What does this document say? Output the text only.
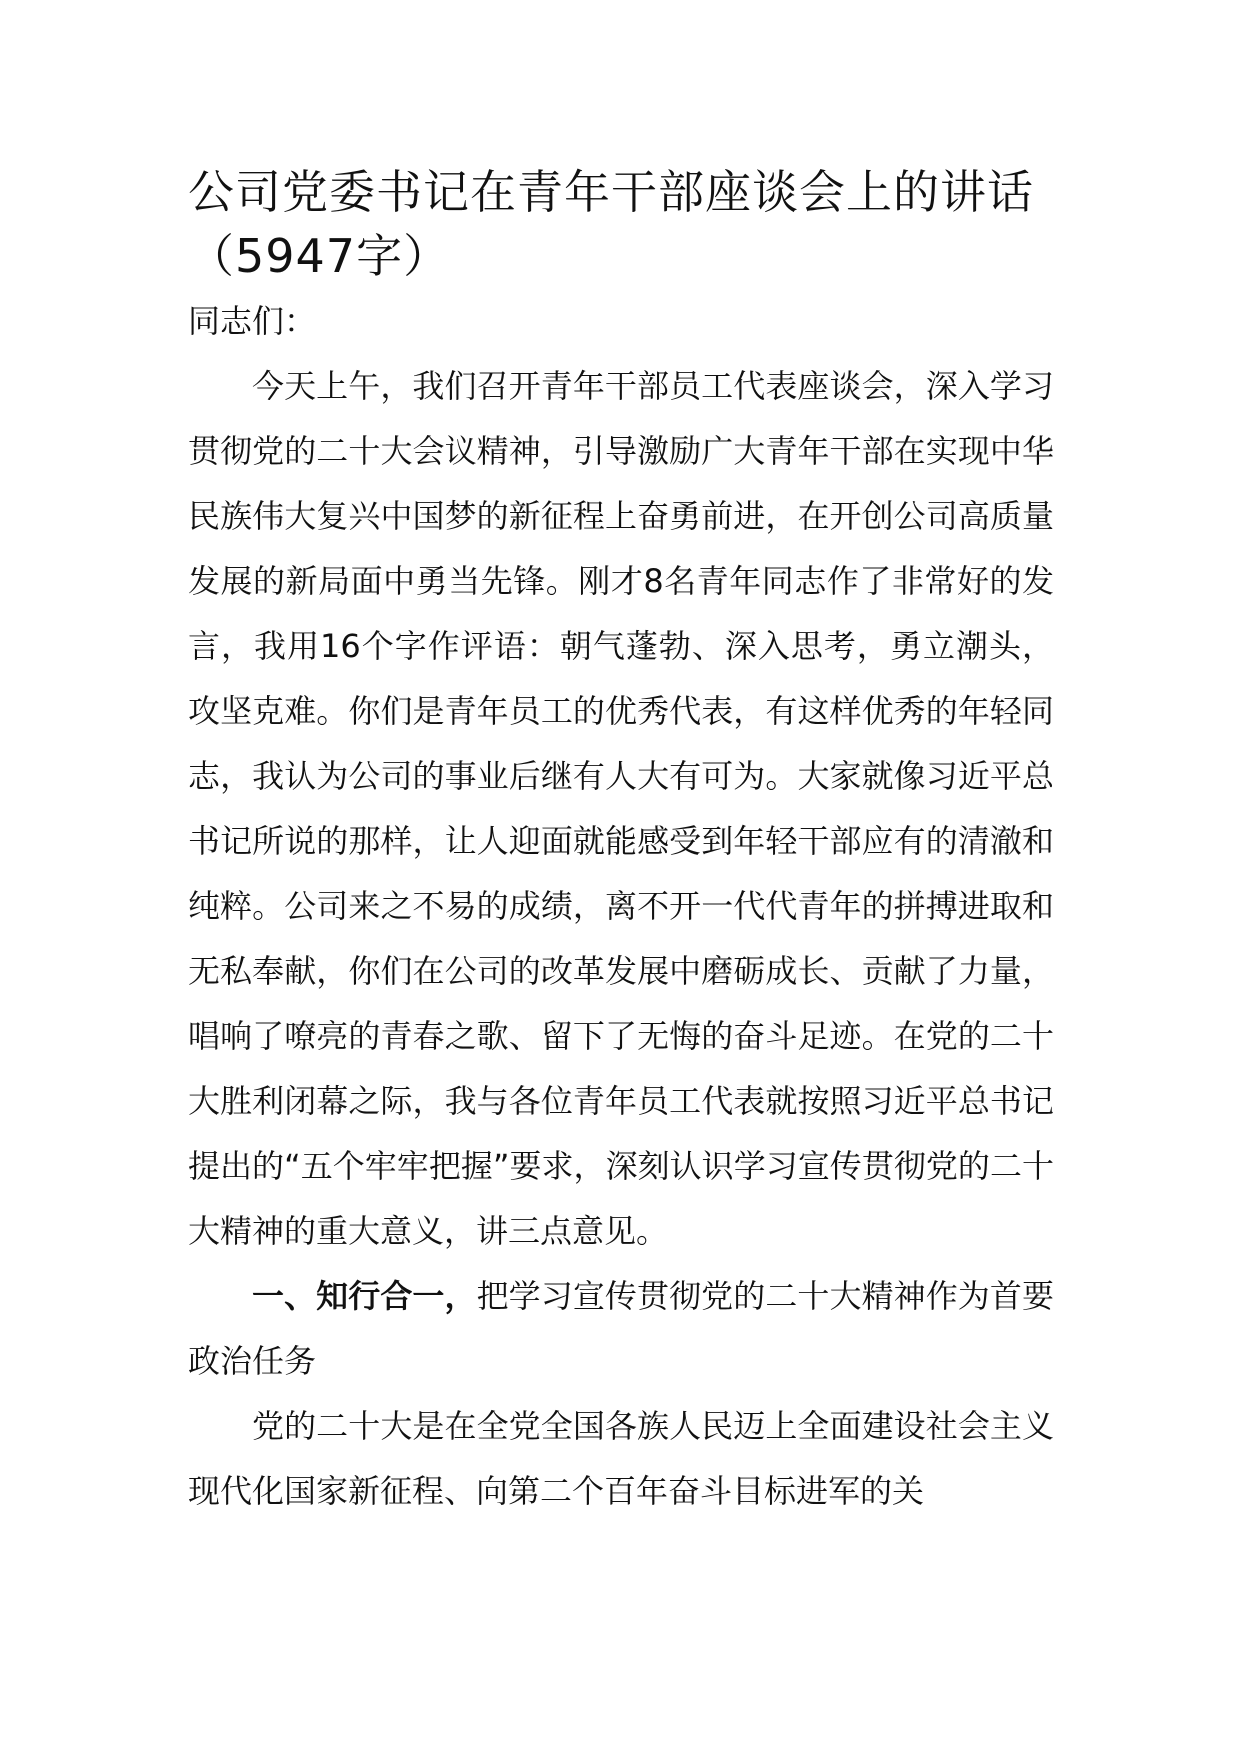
公司党委书记在青年干部座谈会上的讲话（5947字）

同志们：

今天上午，我们召开青年干部员工代表座谈会，深入学习贯彻党的二十大会议精神，引导激励广大青年干部在实现中华民族伟大复兴中国梦的新征程上奋勇前进，在开创公司高质量发展的新局面中勇当先锋。刚才8名青年同志作了非常好的发言，我用16个字作评语：朝气蓬勃、深入思考，勇立潮头，攻坚克难。你们是青年员工的优秀代表，有这样优秀的年轻同志，我认为公司的事业后继有人大有可为。大家就像习近平总书记所说的那样，让人迎面就能感受到年轻干部应有的清澈和纯粹。公司来之不易的成绩，离不开一代代青年的拼搏进取和无私奉献，你们在公司的改革发展中磨砺成长、贡献了力量，唱响了嘹亮的青春之歌、留下了无悔的奋斗足迹。在党的二十大胜利闭幕之际，我与各位青年员工代表就按照习近平总书记提出的“五个牢牢把握”要求，深刻认识学习宣传贯彻党的二十大精神的重大意义，讲三点意见。

一、知行合一，把学习宣传贯彻党的二十大精神作为首要政治任务

党的二十大是在全党全国各族人民迈上全面建设社会主义现代化国家新征程、向第二个百年奋斗目标进军的关
